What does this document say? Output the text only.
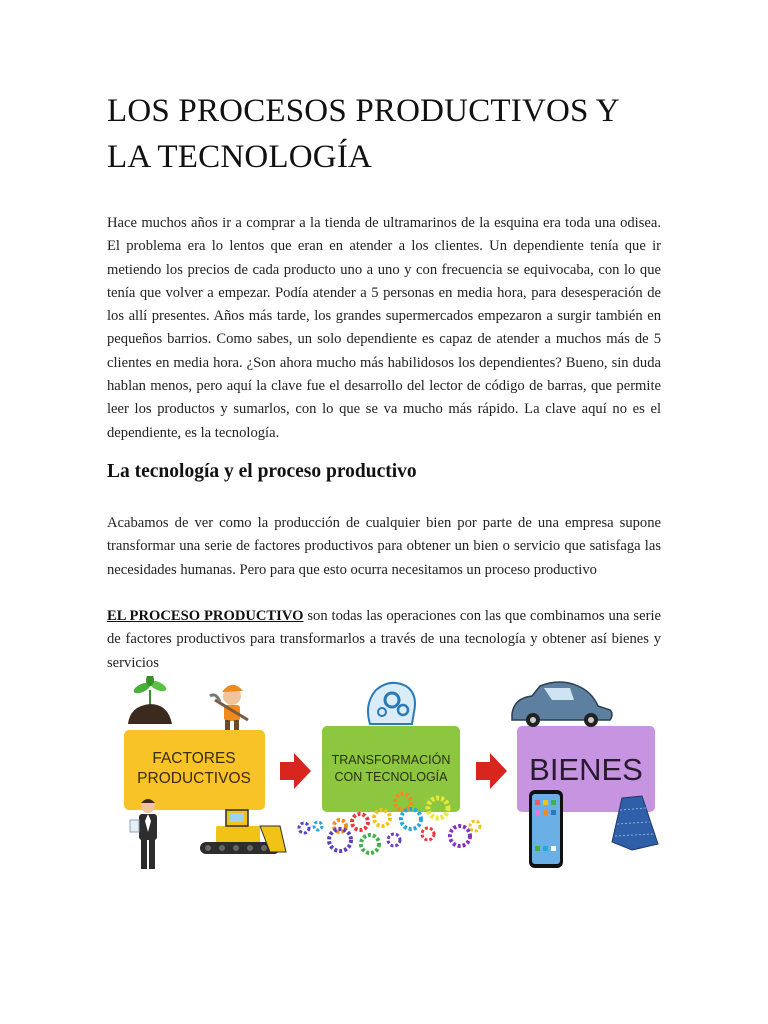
LOS PROCESOS PRODUCTIVOS Y LA TECNOLOGÍA

Hace muchos años ir a comprar a la tienda de ultramarinos de la esquina era toda una odisea. El problema era lo lentos que eran en atender a los clientes. Un dependiente tenía que ir metiendo los precios de cada producto uno a uno y con frecuencia se equivocaba, con lo que tenía que volver a empezar. Podía atender a 5 personas en media hora, para desesperación de los allí presentes. Años más tarde, los grandes supermercados empezaron a surgir también en pequeños barrios. Como sabes, un solo dependiente es capaz de atender a muchos más de 5 clientes en media hora. ¿Son ahora mucho más habilidosos los dependientes? Bueno, sin duda hablan menos, pero aquí la clave fue el desarrollo del lector de código de barras, que permite leer los productos y sumarlos, con lo que se va mucho más rápido. La clave aquí no es el dependiente, es la tecnología.

La tecnología y el proceso productivo

Acabamos de ver como la producción de cualquier bien por parte de una empresa supone transformar una serie de factores productivos para obtener un bien o servicio que satisfaga las necesidades humanas. Pero para que esto ocurra necesitamos un proceso productivo

EL PROCESO PRODUCTIVO son todas las operaciones con las que combinamos una serie de factores productivos para transformarlos a través de una tecnología y obtener así bienes y servicios

FACTORES
PRODUCTIVOS
TRANSFORMACIÓN
CON TECNOLOGÍA	BIENES
